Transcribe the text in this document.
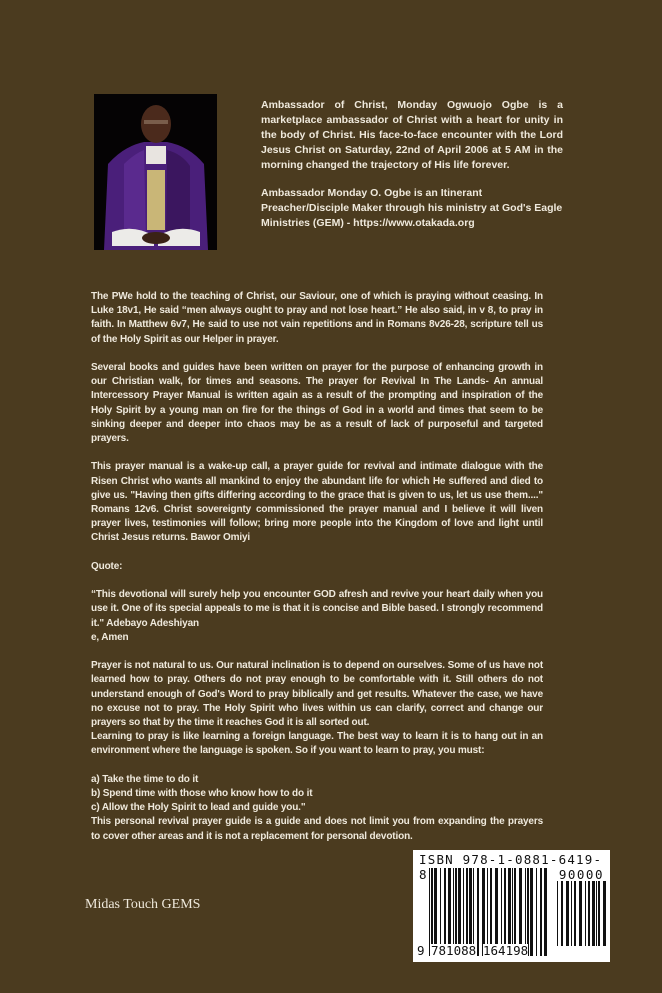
Ambassador of Christ, Monday Ogwuojo Ogbe is a marketplace ambassador of Christ with a heart for unity in the body of Christ. His face-to-face encounter with the Lord Jesus Christ on Saturday, 22nd of April 2006 at 5 AM in the morning changed the trajectory of His life forever.

Ambassador Monday O. Ogbe is an Itinerant Preacher/Disciple Maker through his ministry at God's Eagle Ministries (GEM) - https://www.otakada.org

The PWe hold to the teaching of Christ, our Saviour, one of which is praying without ceasing. In Luke 18v1, He said “men always ought to pray and not lose heart.” He also said, in v 8, to pray in faith. In Matthew 6v7, He said to use not vain repetitions and in Romans 8v26-28, scripture tell us of the Holy Spirit as our Helper in prayer.

Several books and guides have been written on prayer for the purpose of enhancing growth in our Christian walk, for times and seasons. The prayer for Revival In The Lands- An annual Intercessory Prayer Manual is written again as a result of the prompting and inspiration of the Holy Spirit by a young man on fire for the things of God in a world and times that seem to be sinking deeper and deeper into chaos may be as a result of lack of purposeful and targeted prayers.

This prayer manual is a wake-up call, a prayer guide for revival and intimate dialogue with the Risen Christ who wants all mankind to enjoy the abundant life for which He suffered and died to give us. "Having then gifts differing according to the grace that is given to us, let us use them...." Romans 12v6. Christ sovereignty commissioned the prayer manual and I believe it will liven prayer lives, testimonies will follow; bring more people into the Kingdom of love and light until Christ Jesus returns. Bawor Omiyi

Quote:

“This devotional will surely help you encounter GOD afresh and revive your heart daily when you use it. One of its special appeals to me is that it is concise and Bible based. I strongly recommend it." Adebayo Adeshiyan

e, Amen

Prayer is not natural to us. Our natural inclination is to depend on ourselves. Some of us have not learned how to pray. Others do not pray enough to be comfortable with it. Still others do not understand enough of God's Word to pray biblically and get results. Whatever the case, we have no excuse not to pray. The Holy Spirit who lives within us can clarify, correct and change our prayers so that by the time it reaches God it is all sorted out.

Learning to pray is like learning a foreign language. The best way to learn it is to hang out in an environment where the language is spoken. So if you want to learn to pray, you must:

a) Take the time to do it
b) Spend time with those who know how to do it
c) Allow the Holy Spirit to lead and guide you."

This personal revival prayer guide is a guide and does not limit you from expanding the prayers to cover other areas and it is not a replacement for personal devotion.

ISBN 978-1-0881-6419-8	90000
9 781088 164198
Midas Touch GEMS
